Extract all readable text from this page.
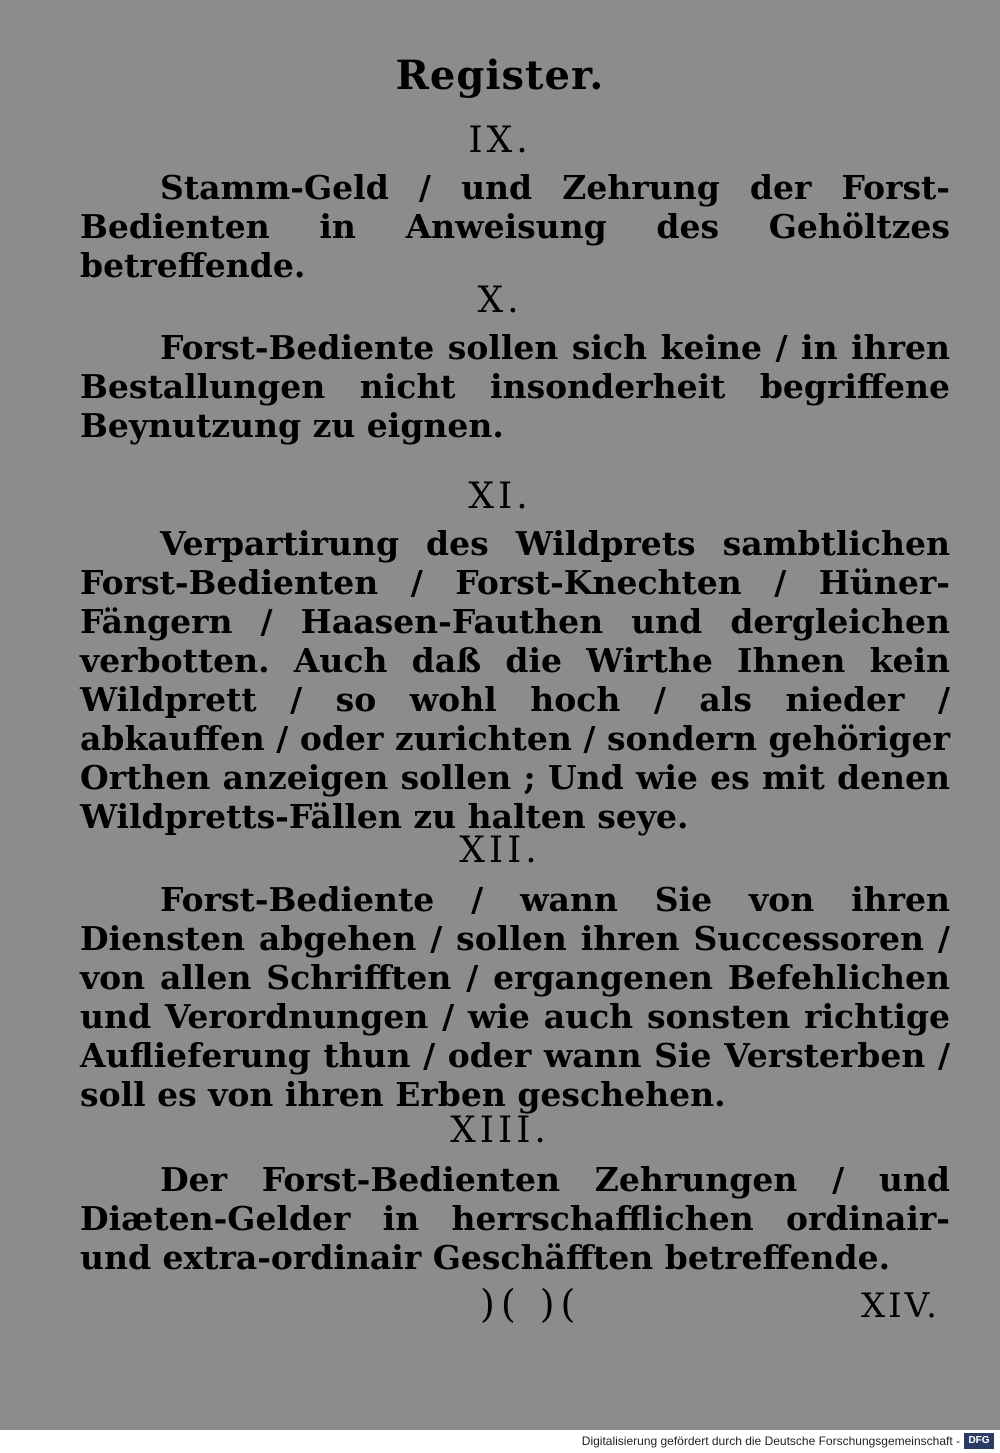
Register.
IX.
Stamm-Geld / und Zehrung der Forst-Bedienten in Anweisung des Gehöltzes betreffende.
X.
Forst-Bediente sollen sich keine / in ihren Bestallungen nicht insonderheit begriffene Beynutzung zu eignen.
XI.
Verpartirung des Wildprets sambtlichen Forst-Bedienten / Forst-Knechten / Hüner-Fängern / Haasen-Fauthen und dergleichen verbotten. Auch daß die Wirthe Ihnen kein Wildprett / so wohl hoch / als nieder / abkauffen / oder zurichten / sondern gehöriger Orthen anzeigen sollen ; Und wie es mit denen Wildpretts-Fällen zu halten seye.
XII.
Forst-Bediente / wann Sie von ihren Diensten abgehen / sollen ihren Successoren / von allen Schrifften / ergangenen Befehlichen und Verordnungen / wie auch sonsten richtige Auflieferung thun / oder wann Sie Versterben / soll es von ihren Erben geschehen.
XIII.
Der Forst-Bedienten Zehrungen / und Diæten-Gelder in herrschafflichen ordinair- und extra-ordinair Geschäfften betreffende.
)( )(	XIV.
Digitalisierung gefördert durch die Deutsche Forschungsgemeinschaft - DFG
